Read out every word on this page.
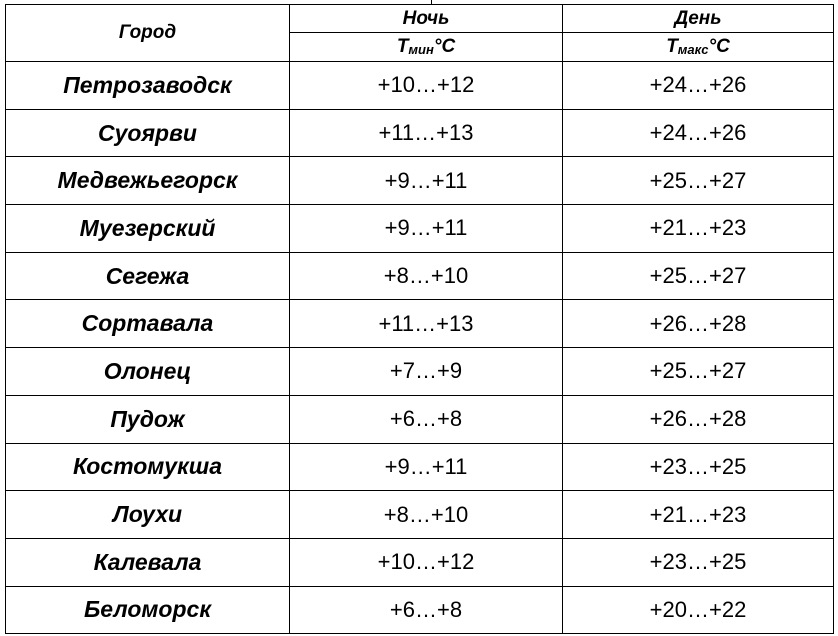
Город	Ночь	День
	$T_{мин}^\circ C$	$T_{макс}^\circ C$
Петрозаводск	+10…+12	+24…+26
Суоярви	+11…+13	+24…+26
Медвежьегорск	+9…+11	+25…+27
Муезерский	+9…+11	+21…+23
Сегежа	+8…+10	+25…+27
Сортавала	+11…+13	+26…+28
Олонец	+7…+9	+25…+27
Пудож	+6…+8	+26…+28
Костомукша	+9…+11	+23…+25
Лоухи	+8…+10	+21…+23
Калевала	+10…+12	+23…+25
Беломорск	+6…+8	+20…+22
